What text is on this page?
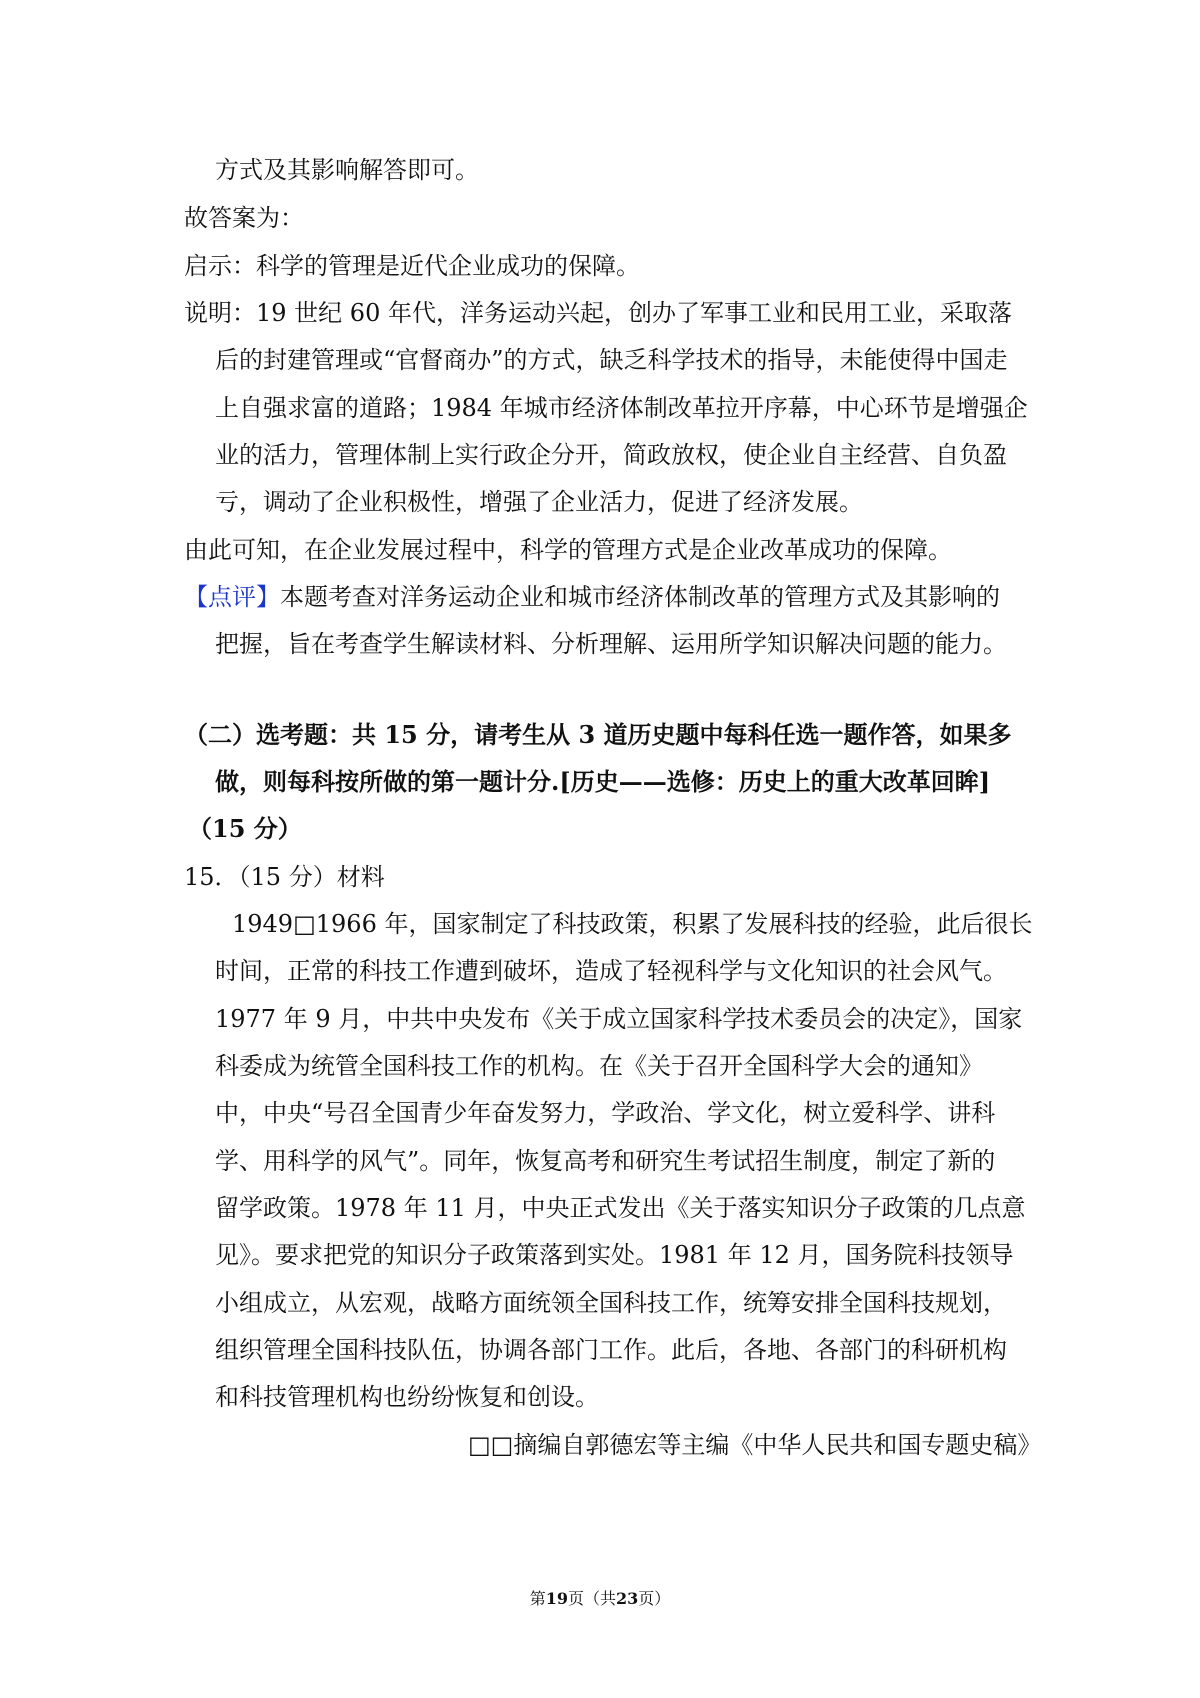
方式及其影响解答即可。
故答案为：
启示：科学的管理是近代企业成功的保障。
说明：19 世纪 60 年代，洋务运动兴起，创办了军事工业和民用工业，采取落
后的封建管理或“官督商办”的方式，缺乏科学技术的指导，未能使得中国走
上自强求富的道路；1984 年城市经济体制改革拉开序幕，中心环节是增强企
业的活力，管理体制上实行政企分开，简政放权，使企业自主经营、自负盈
亏，调动了企业积极性，增强了企业活力，促进了经济发展。
由此可知，在企业发展过程中，科学的管理方式是企业改革成功的保障。
【点评】本题考查对洋务运动企业和城市经济体制改革的管理方式及其影响的
把握，旨在考查学生解读材料、分析理解、运用所学知识解决问题的能力。
（二）选考题：共 15 分，请考生从 3 道历史题中每科任选一题作答，如果多
做，则每科按所做的第一题计分.[历史——选修：历史上的重大改革回眸]
（15 分）
15．（15 分）材料
1949□1966 年，国家制定了科技政策，积累了发展科技的经验，此后很长
时间，正常的科技工作遭到破坏，造成了轻视科学与文化知识的社会风气。
1977 年 9 月，中共中央发布《关于成立国家科学技术委员会的决定》，国家
科委成为统管全国科技工作的机构。在《关于召开全国科学大会的通知》
中，中央“号召全国青少年奋发努力，学政治、学文化，树立爱科学、讲科
学、用科学的风气”。同年，恢复高考和研究生考试招生制度，制定了新的
留学政策。1978 年 11 月，中央正式发出《关于落实知识分子政策的几点意
见》。要求把党的知识分子政策落到实处。1981 年 12 月，国务院科技领导
小组成立，从宏观，战略方面统领全国科技工作，统筹安排全国科技规划，
组织管理全国科技队伍，协调各部门工作。此后，各地、各部门的科研机构
和科技管理机构也纷纷恢复和创设。
□□摘编自郭德宏等主编《中华人民共和国专题史稿》
第19页（共23页）
